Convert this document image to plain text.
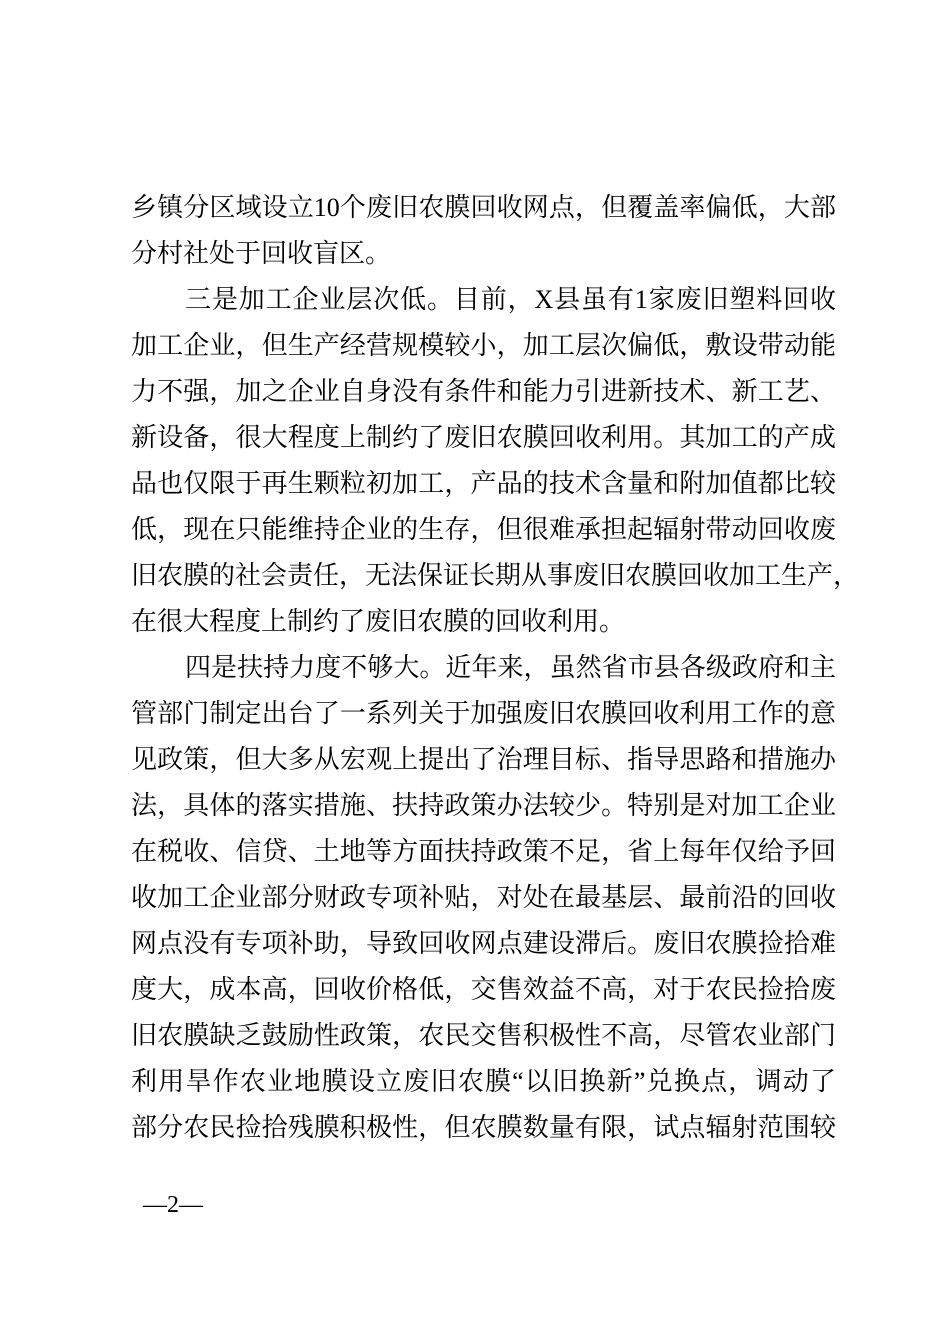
乡镇分区域设立10个废旧农膜回收网点，但覆盖率偏低，大部
分村社处于回收盲区。
三是加工企业层次低。目前，X县虽有1家废旧塑料回收
加工企业，但生产经营规模较小，加工层次偏低，敷设带动能
力不强，加之企业自身没有条件和能力引进新技术、新工艺、
新设备，很大程度上制约了废旧农膜回收利用。其加工的产成
品也仅限于再生颗粒初加工，产品的技术含量和附加值都比较
低，现在只能维持企业的生存，但很难承担起辐射带动回收废
旧农膜的社会责任，无法保证长期从事废旧农膜回收加工生产，
在很大程度上制约了废旧农膜的回收利用。
四是扶持力度不够大。近年来，虽然省市县各级政府和主
管部门制定出台了一系列关于加强废旧农膜回收利用工作的意
见政策，但大多从宏观上提出了治理目标、指导思路和措施办
法，具体的落实措施、扶持政策办法较少。特别是对加工企业
在税收、信贷、土地等方面扶持政策不足，省上每年仅给予回
收加工企业部分财政专项补贴，对处在最基层、最前沿的回收
网点没有专项补助，导致回收网点建设滞后。废旧农膜捡拾难
度大，成本高，回收价格低，交售效益不高，对于农民捡拾废
旧农膜缺乏鼓励性政策，农民交售积极性不高，尽管农业部门
利用旱作农业地膜设立废旧农膜“以旧换新”兑换点，调动了
部分农民捡拾残膜积极性，但农膜数量有限，试点辐射范围较
—2—
